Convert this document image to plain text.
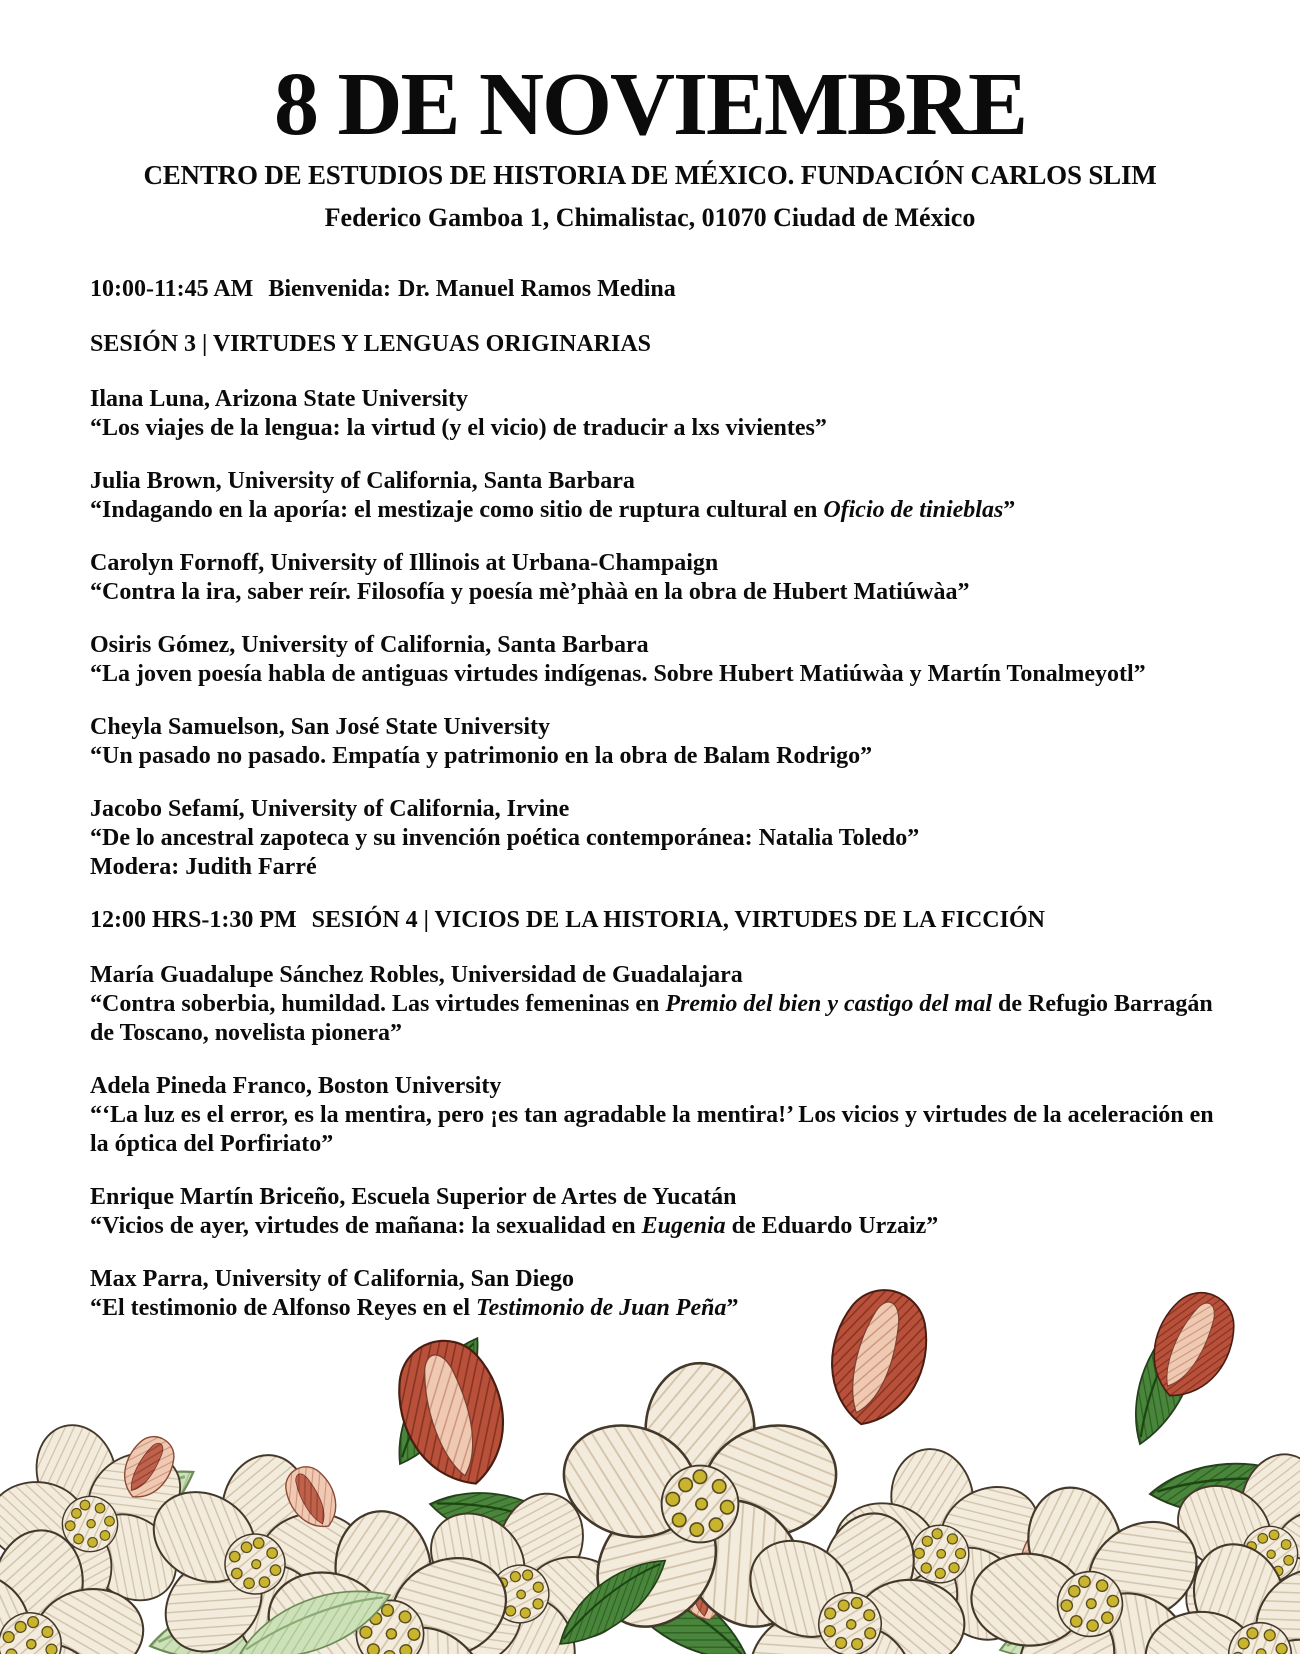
8 DE NOVIEMBRE
CENTRO DE ESTUDIOS DE HISTORIA DE MÉXICO. FUNDACIÓN CARLOS SLIM
Federico Gamboa 1, Chimalistac, 01070 Ciudad de México

10:00-11:45 AM Bienvenida: Dr. Manuel Ramos Medina

SESIÓN 3 | VIRTUDES Y LENGUAS ORIGINARIAS
Ilana Luna, Arizona State University
“Los viajes de la lengua: la virtud (y el vicio) de traducir a lxs vivientes”
Julia Brown, University of California, Santa Barbara
“Indagando en la aporía: el mestizaje como sitio de ruptura cultural en Oficio de tinieblas”
Carolyn Fornoff, University of Illinois at Urbana-Champaign
“Contra la ira, saber reír. Filosofía y poesía mè’phàà en la obra de Hubert Matiúwàa”
Osiris Gómez, University of California, Santa Barbara
“La joven poesía habla de antiguas virtudes indígenas. Sobre Hubert Matiúwàa y Martín Tonalmeyotl”
Cheyla Samuelson, San José State University
“Un pasado no pasado. Empatía y patrimonio en la obra de Balam Rodrigo”
Jacobo Sefamí, University of California, Irvine
“De lo ancestral zapoteca y su invención poética contemporánea: Natalia Toledo”
Modera: Judith Farré
12:00 HRS-1:30 PM SESIÓN 4 | VICIOS DE LA HISTORIA, VIRTUDES DE LA FICCIÓN
María Guadalupe Sánchez Robles, Universidad de Guadalajara
“Contra soberbia, humildad. Las virtudes femeninas en Premio del bien y castigo del mal de Refugio Barragán de Toscano, novelista pionera”
Adela Pineda Franco, Boston University
“‘La luz es el error, es la mentira, pero ¡es tan agradable la mentira!’ Los vicios y virtudes de la aceleración en la óptica del Porfiriato”
Enrique Martín Briceño, Escuela Superior de Artes de Yucatán
“Vicios de ayer, virtudes de mañana: la sexualidad en Eugenia de Eduardo Urzaiz”
Max Parra, University of California, San Diego
“El testimonio de Alfonso Reyes en el Testimonio de Juan Peña”
